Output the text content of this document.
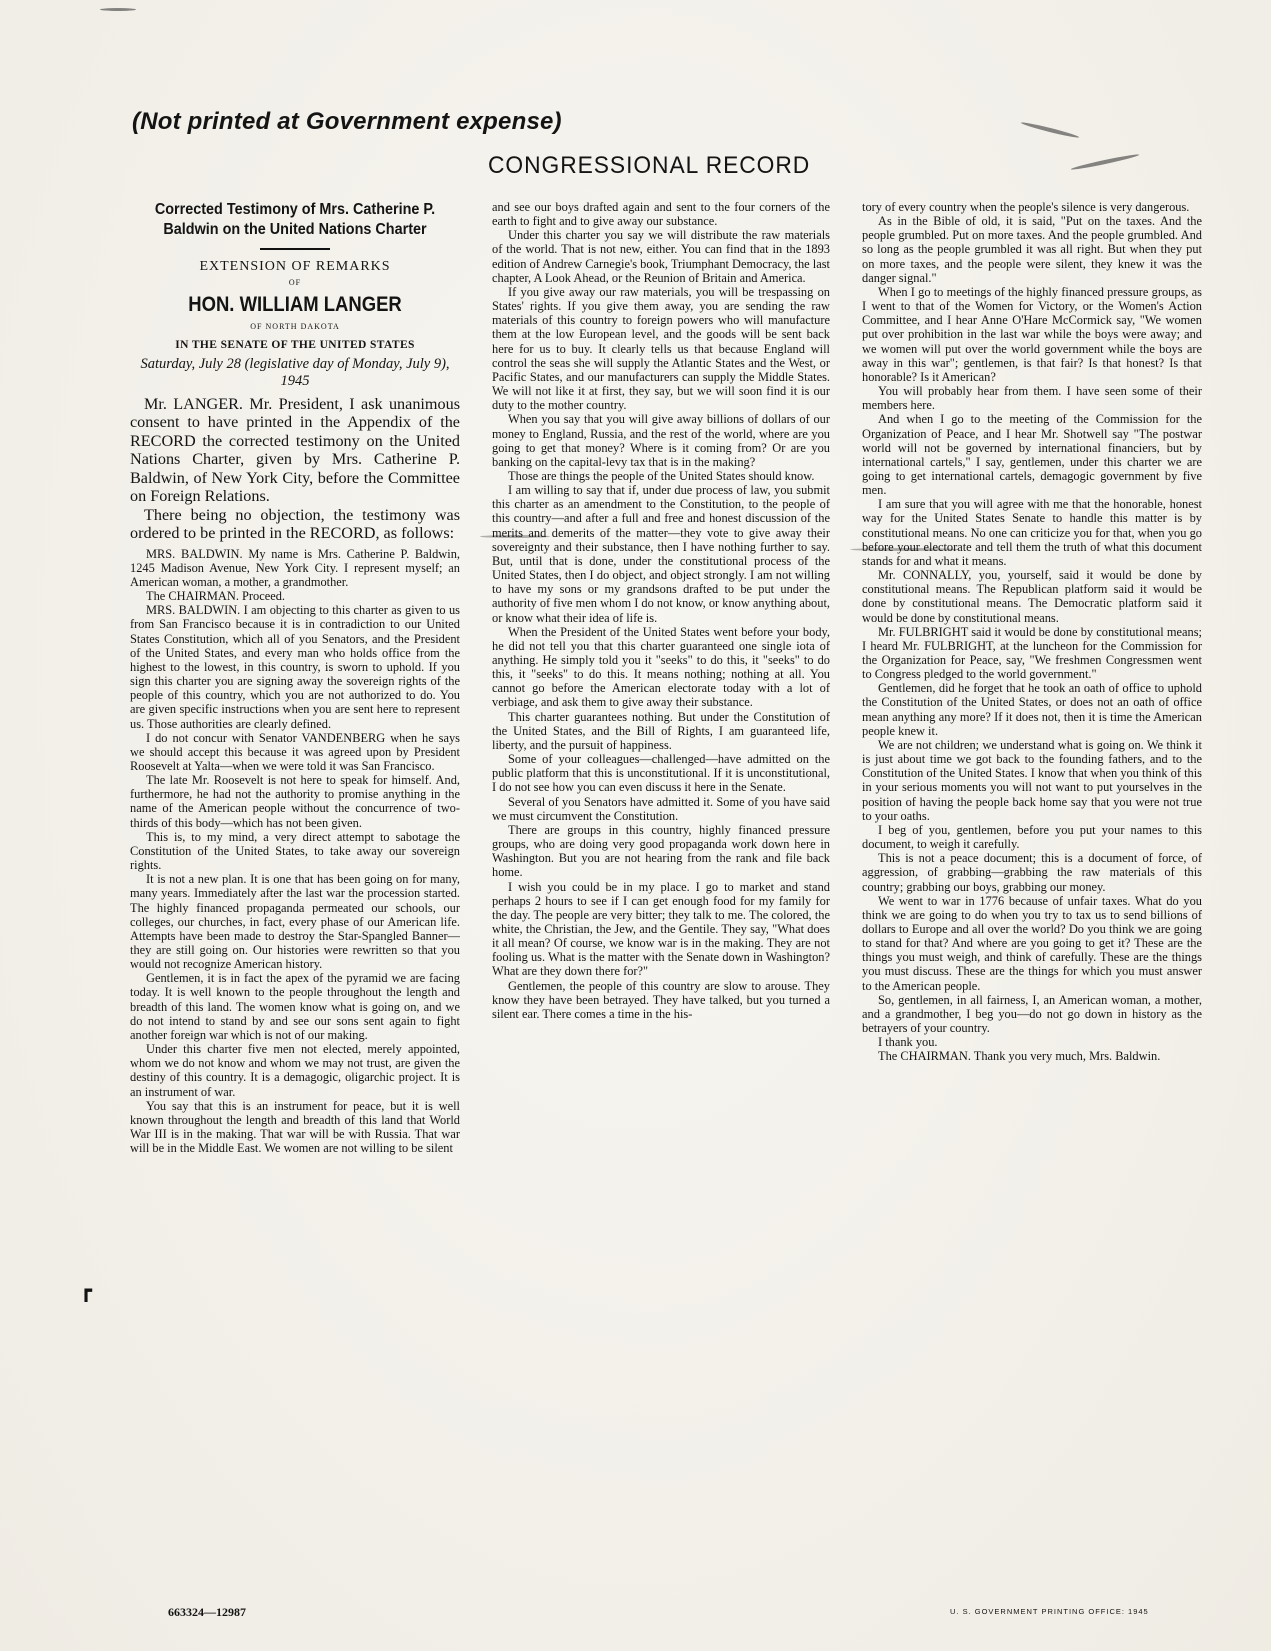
┏
(Not printed at Government expense)
CONGRESSIONAL RECORD
Corrected Testimony of Mrs. Catherine P. Baldwin on the United Nations Charter
EXTENSION OF REMARKS
OF
HON. WILLIAM LANGER
OF NORTH DAKOTA
IN THE SENATE OF THE UNITED STATES
Saturday, July 28 (legislative day of Monday, July 9), 1945

Mr. LANGER. Mr. President, I ask unanimous consent to have printed in the Appendix of the RECORD the corrected testimony on the United Nations Charter, given by Mrs. Catherine P. Baldwin, of New York City, before the Committee on Foreign Relations.

There being no objection, the testimony was ordered to be printed in the RECORD, as follows:

MRS. BALDWIN. My name is Mrs. Catherine P. Baldwin, 1245 Madison Avenue, New York City. I represent myself; an American woman, a mother, a grandmother.

The CHAIRMAN. Proceed.

MRS. BALDWIN. I am objecting to this charter as given to us from San Francisco because it is in contradiction to our United States Constitution, which all of you Senators, and the President of the United States, and every man who holds office from the highest to the lowest, in this country, is sworn to uphold. If you sign this charter you are signing away the sovereign rights of the people of this country, which you are not authorized to do. You are given specific instructions when you are sent here to represent us. Those authorities are clearly defined.

I do not concur with Senator VANDENBERG when he says we should accept this because it was agreed upon by President Roosevelt at Yalta—when we were told it was San Francisco.

The late Mr. Roosevelt is not here to speak for himself. And, furthermore, he had not the authority to promise anything in the name of the American people without the concurrence of two-thirds of this body—which has not been given.

This is, to my mind, a very direct attempt to sabotage the Constitution of the United States, to take away our sovereign rights.

It is not a new plan. It is one that has been going on for many, many years. Immediately after the last war the procession started. The highly financed propaganda permeated our schools, our colleges, our churches, in fact, every phase of our American life. Attempts have been made to destroy the Star-Spangled Banner—they are still going on. Our histories were rewritten so that you would not recognize American history.

Gentlemen, it is in fact the apex of the pyramid we are facing today. It is well known to the people throughout the length and breadth of this land. The women know what is going on, and we do not intend to stand by and see our sons sent again to fight another foreign war which is not of our making.

Under this charter five men not elected, merely appointed, whom we do not know and whom we may not trust, are given the destiny of this country. It is a demagogic, oligarchic project. It is an instrument of war.

You say that this is an instrument for peace, but it is well known throughout the length and breadth of this land that World War III is in the making. That war will be with Russia. That war will be in the Middle East. We women are not willing to be silent

and see our boys drafted again and sent to the four corners of the earth to fight and to give away our substance.

Under this charter you say we will distribute the raw materials of the world. That is not new, either. You can find that in the 1893 edition of Andrew Carnegie's book, Triumphant Democracy, the last chapter, A Look Ahead, or the Reunion of Britain and America.

If you give away our raw materials, you will be trespassing on States' rights. If you give them away, you are sending the raw materials of this country to foreign powers who will manufacture them at the low European level, and the goods will be sent back here for us to buy. It clearly tells us that because England will control the seas she will supply the Atlantic States and the West, or Pacific States, and our manufacturers can supply the Middle States. We will not like it at first, they say, but we will soon find it is our duty to the mother country.

When you say that you will give away billions of dollars of our money to England, Russia, and the rest of the world, where are you going to get that money? Where is it coming from? Or are you banking on the capital-levy tax that is in the making?

Those are things the people of the United States should know.

I am willing to say that if, under due process of law, you submit this charter as an amendment to the Constitution, to the people of this country—and after a full and free and honest discussion of the merits and demerits of the matter—they vote to give away their sovereignty and their substance, then I have nothing further to say. But, until that is done, under the constitutional process of the United States, then I do object, and object strongly. I am not willing to have my sons or my grandsons drafted to be put under the authority of five men whom I do not know, or know anything about, or know what their idea of life is.

When the President of the United States went before your body, he did not tell you that this charter guaranteed one single iota of anything. He simply told you it "seeks" to do this, it "seeks" to do this, it "seeks" to do this. It means nothing; nothing at all. You cannot go before the American electorate today with a lot of verbiage, and ask them to give away their substance.

This charter guarantees nothing. But under the Constitution of the United States, and the Bill of Rights, I am guaranteed life, liberty, and the pursuit of happiness.

Some of your colleagues—challenged—have admitted on the public platform that this is unconstitutional. If it is unconstitutional, I do not see how you can even discuss it here in the Senate.

Several of you Senators have admitted it. Some of you have said we must circumvent the Constitution.

There are groups in this country, highly financed pressure groups, who are doing very good propaganda work down here in Washington. But you are not hearing from the rank and file back home.

I wish you could be in my place. I go to market and stand perhaps 2 hours to see if I can get enough food for my family for the day. The people are very bitter; they talk to me. The colored, the white, the Christian, the Jew, and the Gentile. They say, "What does it all mean? Of course, we know war is in the making. They are not fooling us. What is the matter with the Senate down in Washington? What are they down there for?"

Gentlemen, the people of this country are slow to arouse. They know they have been betrayed. They have talked, but you turned a silent ear. There comes a time in the his-

tory of every country when the people's silence is very dangerous.

As in the Bible of old, it is said, "Put on the taxes. And the people grumbled. Put on more taxes. And the people grumbled. And so long as the people grumbled it was all right. But when they put on more taxes, and the people were silent, they knew it was the danger signal."

When I go to meetings of the highly financed pressure groups, as I went to that of the Women for Victory, or the Women's Action Committee, and I hear Anne O'Hare McCormick say, "We women put over prohibition in the last war while the boys were away; and we women will put over the world government while the boys are away in this war"; gentlemen, is that fair? Is that honest? Is that honorable? Is it American?

You will probably hear from them. I have seen some of their members here.

And when I go to the meeting of the Commission for the Organization of Peace, and I hear Mr. Shotwell say "The postwar world will not be governed by international financiers, but by international cartels," I say, gentlemen, under this charter we are going to get international cartels, demagogic government by five men.

I am sure that you will agree with me that the honorable, honest way for the United States Senate to handle this matter is by constitutional means. No one can criticize you for that, when you go before your electorate and tell them the truth of what this document stands for and what it means.

Mr. CONNALLY, you, yourself, said it would be done by constitutional means. The Republican platform said it would be done by constitutional means. The Democratic platform said it would be done by constitutional means.

Mr. FULBRIGHT said it would be done by constitutional means; I heard Mr. FULBRIGHT, at the luncheon for the Commission for the Organization for Peace, say, "We freshmen Congressmen went to Congress pledged to the world government."

Gentlemen, did he forget that he took an oath of office to uphold the Constitution of the United States, or does not an oath of office mean anything any more? If it does not, then it is time the American people knew it.

We are not children; we understand what is going on. We think it is just about time we got back to the founding fathers, and to the Constitution of the United States. I know that when you think of this in your serious moments you will not want to put yourselves in the position of having the people back home say that you were not true to your oaths.

I beg of you, gentlemen, before you put your names to this document, to weigh it carefully.

This is not a peace document; this is a document of force, of aggression, of grabbing—grabbing the raw materials of this country; grabbing our boys, grabbing our money.

We went to war in 1776 because of unfair taxes. What do you think we are going to do when you try to tax us to send billions of dollars to Europe and all over the world? Do you think we are going to stand for that? And where are you going to get it? These are the things you must weigh, and think of carefully. These are the things you must discuss. These are the things for which you must answer to the American people.

So, gentlemen, in all fairness, I, an American woman, a mother, and a grandmother, I beg you—do not go down in history as the betrayers of your country.

I thank you.

The CHAIRMAN. Thank you very much, Mrs. Baldwin.

663324—12987	U. S. GOVERNMENT PRINTING OFFICE: 1945
